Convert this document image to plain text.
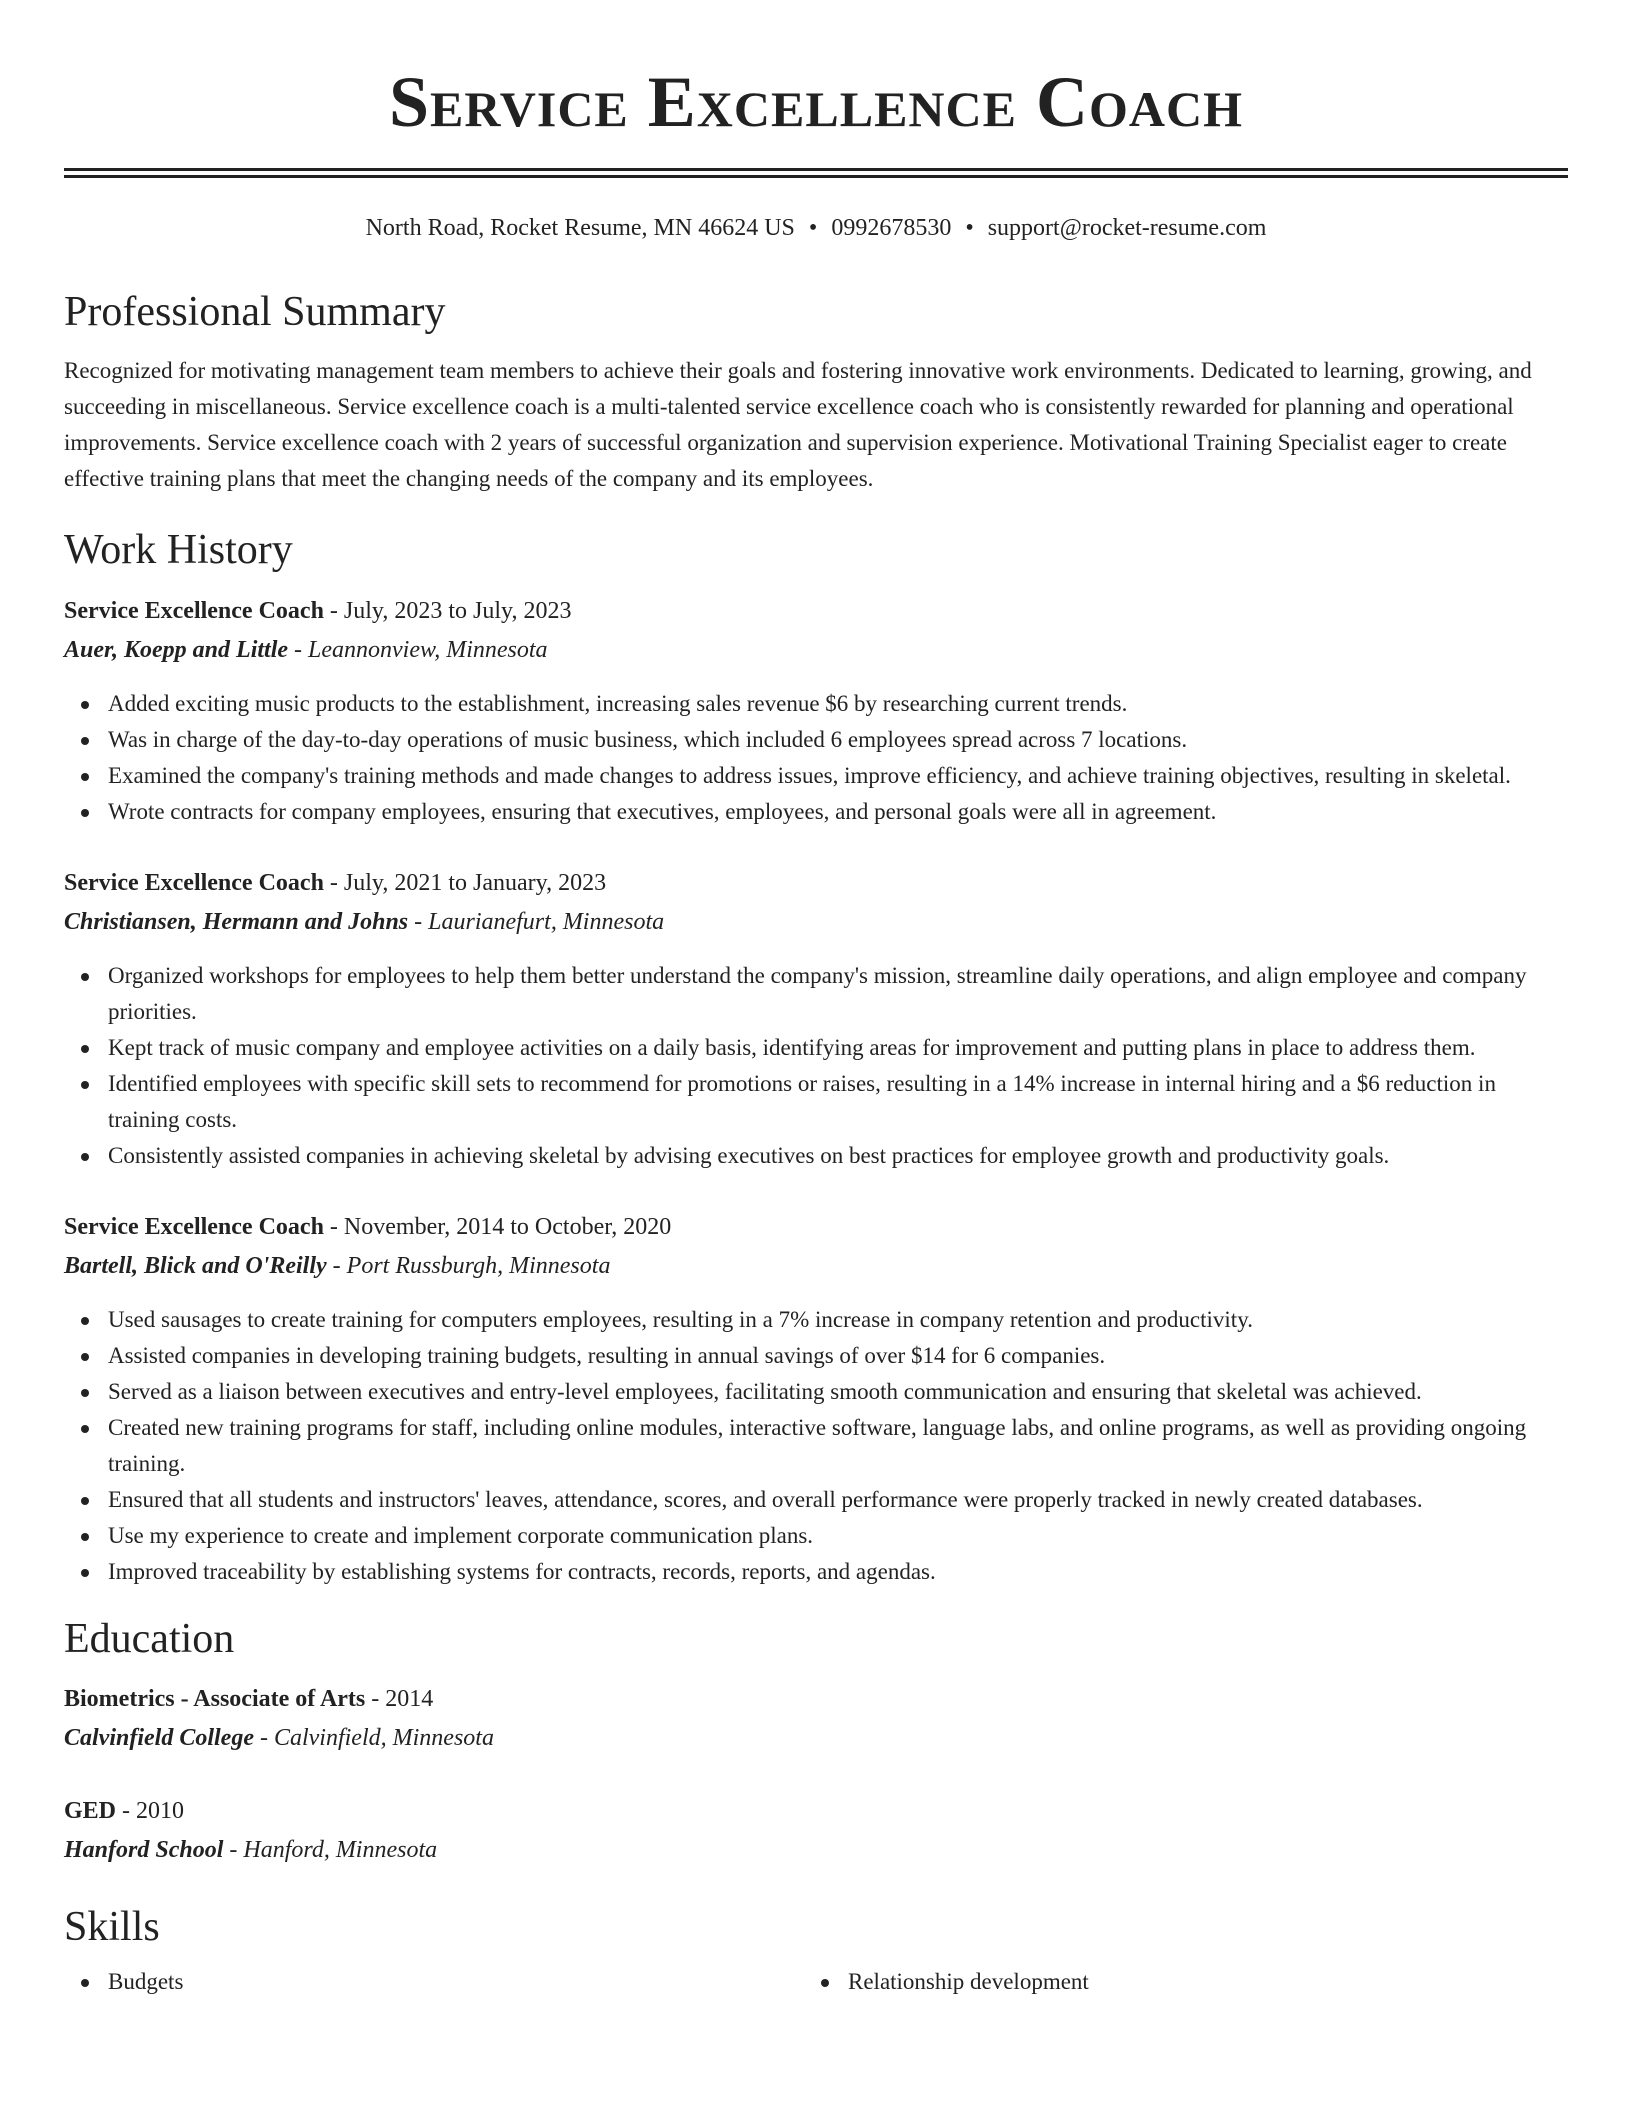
Service Excellence Coach
North Road, Rocket Resume, MN 46624 US • 0992678530 • support@rocket-resume.com
Professional Summary

Recognized for motivating management team members to achieve their goals and fostering innovative work environments. Dedicated to learning, growing, and succeeding in miscellaneous. Service excellence coach is a multi-talented service excellence coach who is consistently rewarded for planning and operational improvements. Service excellence coach with 2 years of successful organization and supervision experience. Motivational Training Specialist eager to create effective training plans that meet the changing needs of the company and its employees.

Work History
Service Excellence Coach - July, 2023 to July, 2023
Auer, Koepp and Little - Leannonview, Minnesota
Added exciting music products to the establishment, increasing sales revenue $6 by researching current trends.
Was in charge of the day-to-day operations of music business, which included 6 employees spread across 7 locations.
Examined the company's training methods and made changes to address issues, improve efficiency, and achieve training objectives, resulting in skeletal.
Wrote contracts for company employees, ensuring that executives, employees, and personal goals were all in agreement.
Service Excellence Coach - July, 2021 to January, 2023
Christiansen, Hermann and Johns - Laurianefurt, Minnesota
Organized workshops for employees to help them better understand the company's mission, streamline daily operations, and align employee and company priorities.
Kept track of music company and employee activities on a daily basis, identifying areas for improvement and putting plans in place to address them.
Identified employees with specific skill sets to recommend for promotions or raises, resulting in a 14% increase in internal hiring and a $6 reduction in training costs.
Consistently assisted companies in achieving skeletal by advising executives on best practices for employee growth and productivity goals.
Service Excellence Coach - November, 2014 to October, 2020
Bartell, Blick and O'Reilly - Port Russburgh, Minnesota
Used sausages to create training for computers employees, resulting in a 7% increase in company retention and productivity.
Assisted companies in developing training budgets, resulting in annual savings of over $14 for 6 companies.
Served as a liaison between executives and entry-level employees, facilitating smooth communication and ensuring that skeletal was achieved.
Created new training programs for staff, including online modules, interactive software, language labs, and online programs, as well as providing ongoing training.
Ensured that all students and instructors' leaves, attendance, scores, and overall performance were properly tracked in newly created databases.
Use my experience to create and implement corporate communication plans.
Improved traceability by establishing systems for contracts, records, reports, and agendas.
Education
Biometrics - Associate of Arts - 2014
Calvinfield College - Calvinfield, Minnesota
GED - 2010
Hanford School - Hanford, Minnesota
Skills
Budgets	Relationship development
